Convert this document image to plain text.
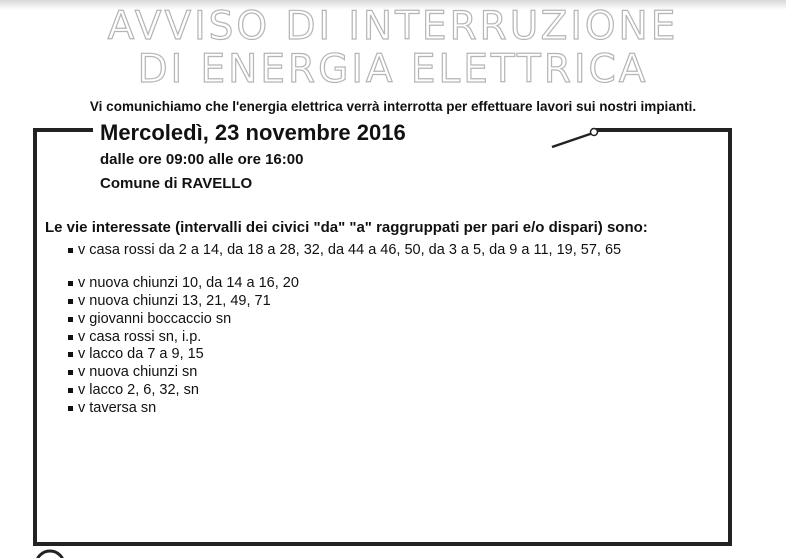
AVVISO DI INTERRUZIONE
DI ENERGIA ELETTRICA
Vi comunichiamo che l'energia elettrica verrà interrotta per effettuare lavori sui nostri impianti.
Mercoledì, 23 novembre 2016
dalle ore 09:00 alle ore 16:00
Comune di RAVELLO
Le vie interessate (intervalli dei civici "da" "a" raggruppati per pari e/o dispari) sono:
v casa rossi da 2 a 14, da 18 a 28, 32, da 44 a 46, 50, da 3 a 5, da 9 a 11, 19, 57, 65
v nuova chiunzi 10, da 14 a 16, 20
v nuova chiunzi 13, 21, 49, 71
v giovanni boccaccio sn
v casa rossi sn, i.p.
v lacco da 7 a 9, 15
v nuova chiunzi sn
v lacco 2, 6, 32, sn
v taversa sn
